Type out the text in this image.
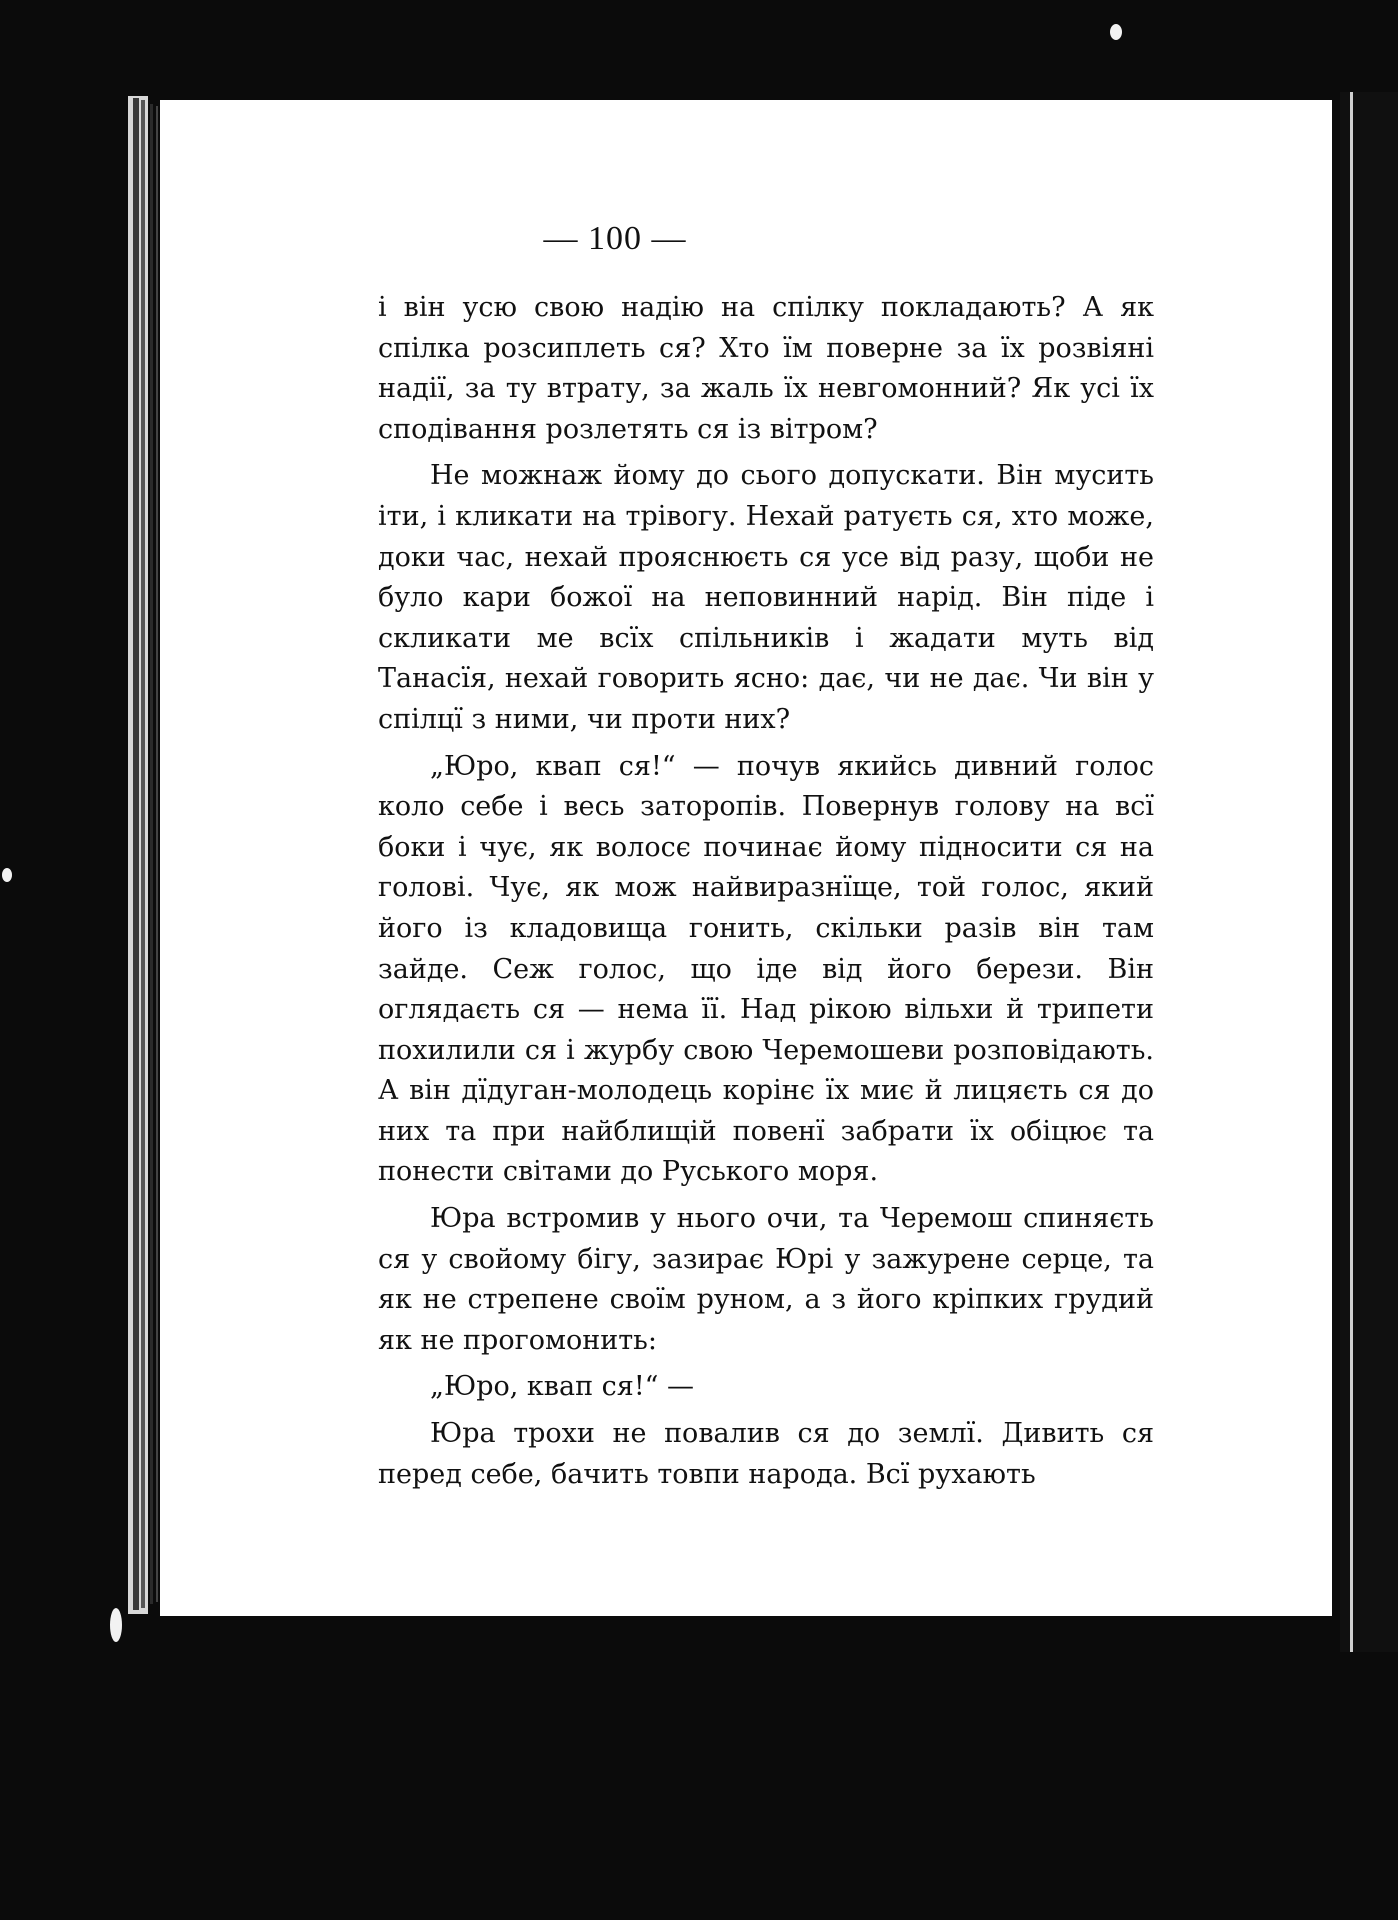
— 100 —

і він усю свою надію на спілку покладають? А як спілка розсиплеть ся? Хто їм поверне за їх розвіяні надії, за ту втрату, за жаль їх невгомонний? Як усі їх сподівання розлетять ся із вітром?

Не можнаж йому до сього допускати. Він мусить іти, і кликати на трівогу. Нехай ратуєть ся, хто може, доки час, нехай прояснюєть ся усе від разу, щоби не було кари божої на неповинний нарід. Він піде і скликати ме всїх спільників і жадати муть від Танасїя, нехай говорить ясно: дає, чи не дає. Чи він у спілцї з ними, чи проти них?

„Юро, квап ся!“ — почув якийсь дивний голос коло себе і весь заторопів. Повернув голову на всї боки і чує, як волосє починає йому підносити ся на голові. Чує, як мож найвиразнїще, той голос, який його із кладовища гонить, скільки разів він там зайде. Сеж голос, що іде від його берези. Він оглядаєть ся — нема її. Над рікою вільхи й трипети похилили ся і журбу свою Черемошеви розповідають. А він дїдуган-молодець корінє їх миє й лицяєть ся до них та при найблищій повенї забрати їх обіцює та понести світами до Руського моря.

Юра встромив у нього очи, та Черемош спиняєть ся у свойому бігу, зазирає Юрі у зажурене серце, та як не стрепене своїм руном, а з його кріпких грудий як не прогомонить:

„Юро, квап ся!“ —

Юра трохи не повалив ся до землї. Дивить ся перед себе, бачить товпи народа. Всї рухають
